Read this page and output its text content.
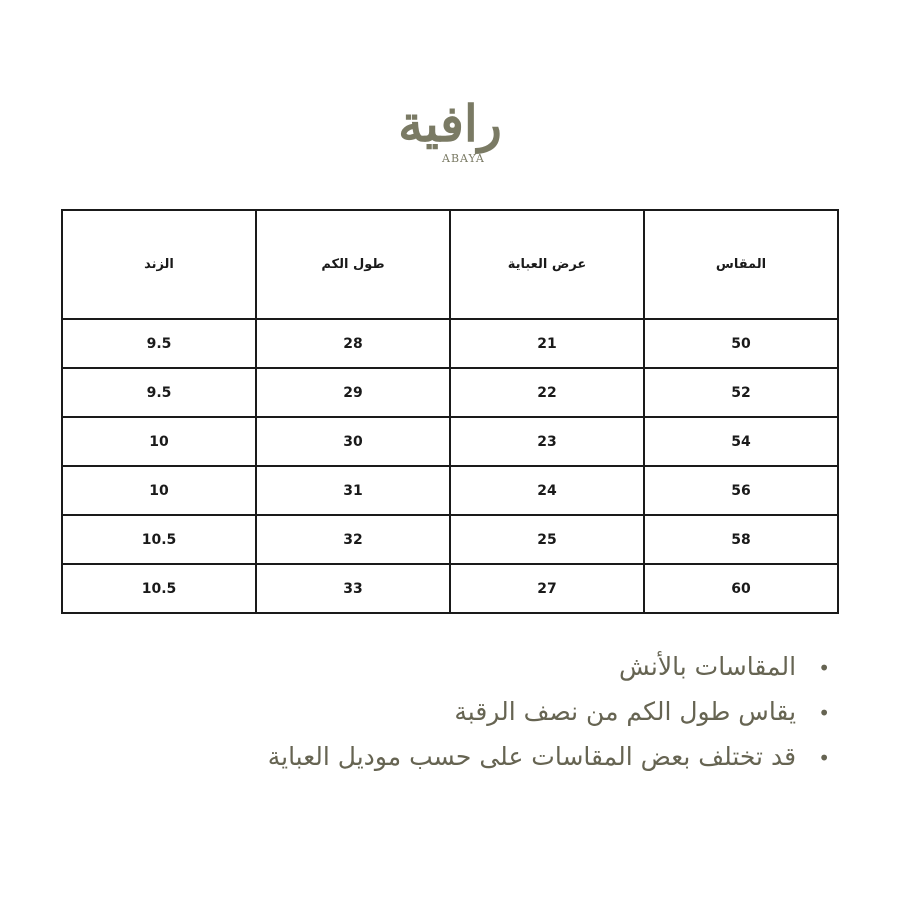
رافية
ABAYA
المقاس	عرض العباية	طول الكم	الزند
50	21	28	9.5
52	22	29	9.5
54	23	30	10
56	24	31	10
58	25	32	10.5
60	27	33	10.5
• المقاسات بالأنش
• يقاس طول الكم من نصف الرقبة
• قد تختلف بعض المقاسات على حسب موديل العباية
